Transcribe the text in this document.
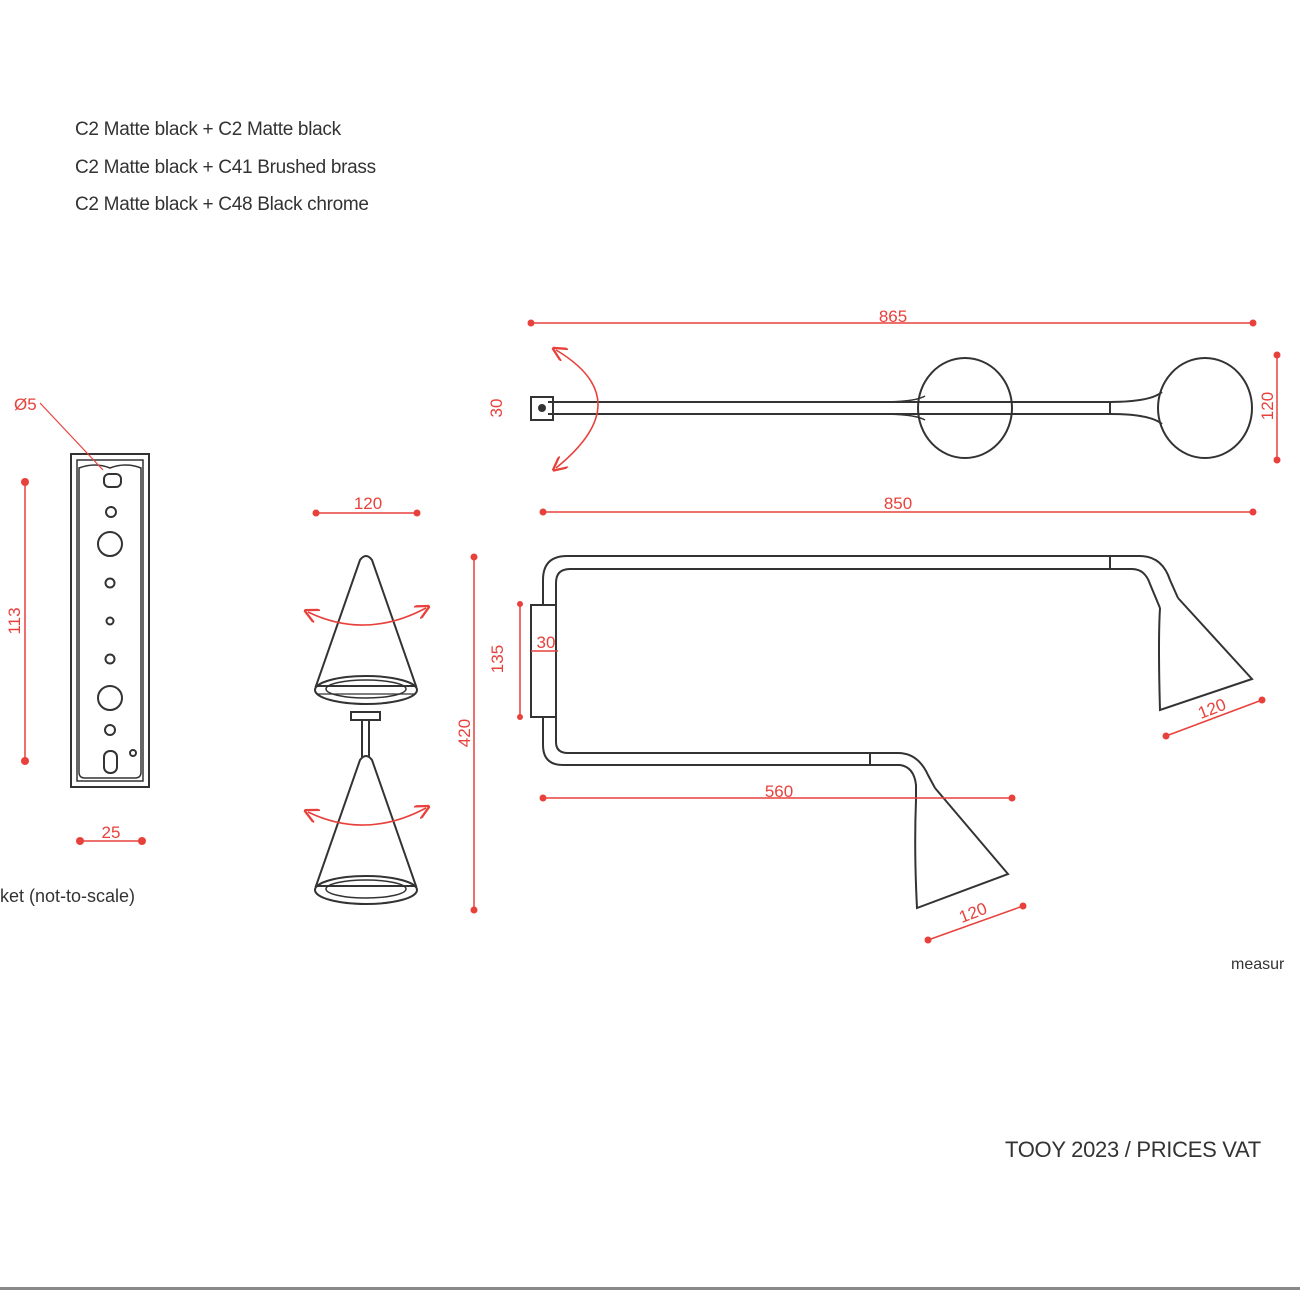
C2 Matte black + C2 Matte black
C2 Matte black + C41 Brushed brass
C2 Matte black + C48 Black chrome
Ø5
113
25
120
420
865
30	120
850
135
30
560
120
120
ket (not-to-scale)
measur
TOOY 2023 / PRICES VAT
